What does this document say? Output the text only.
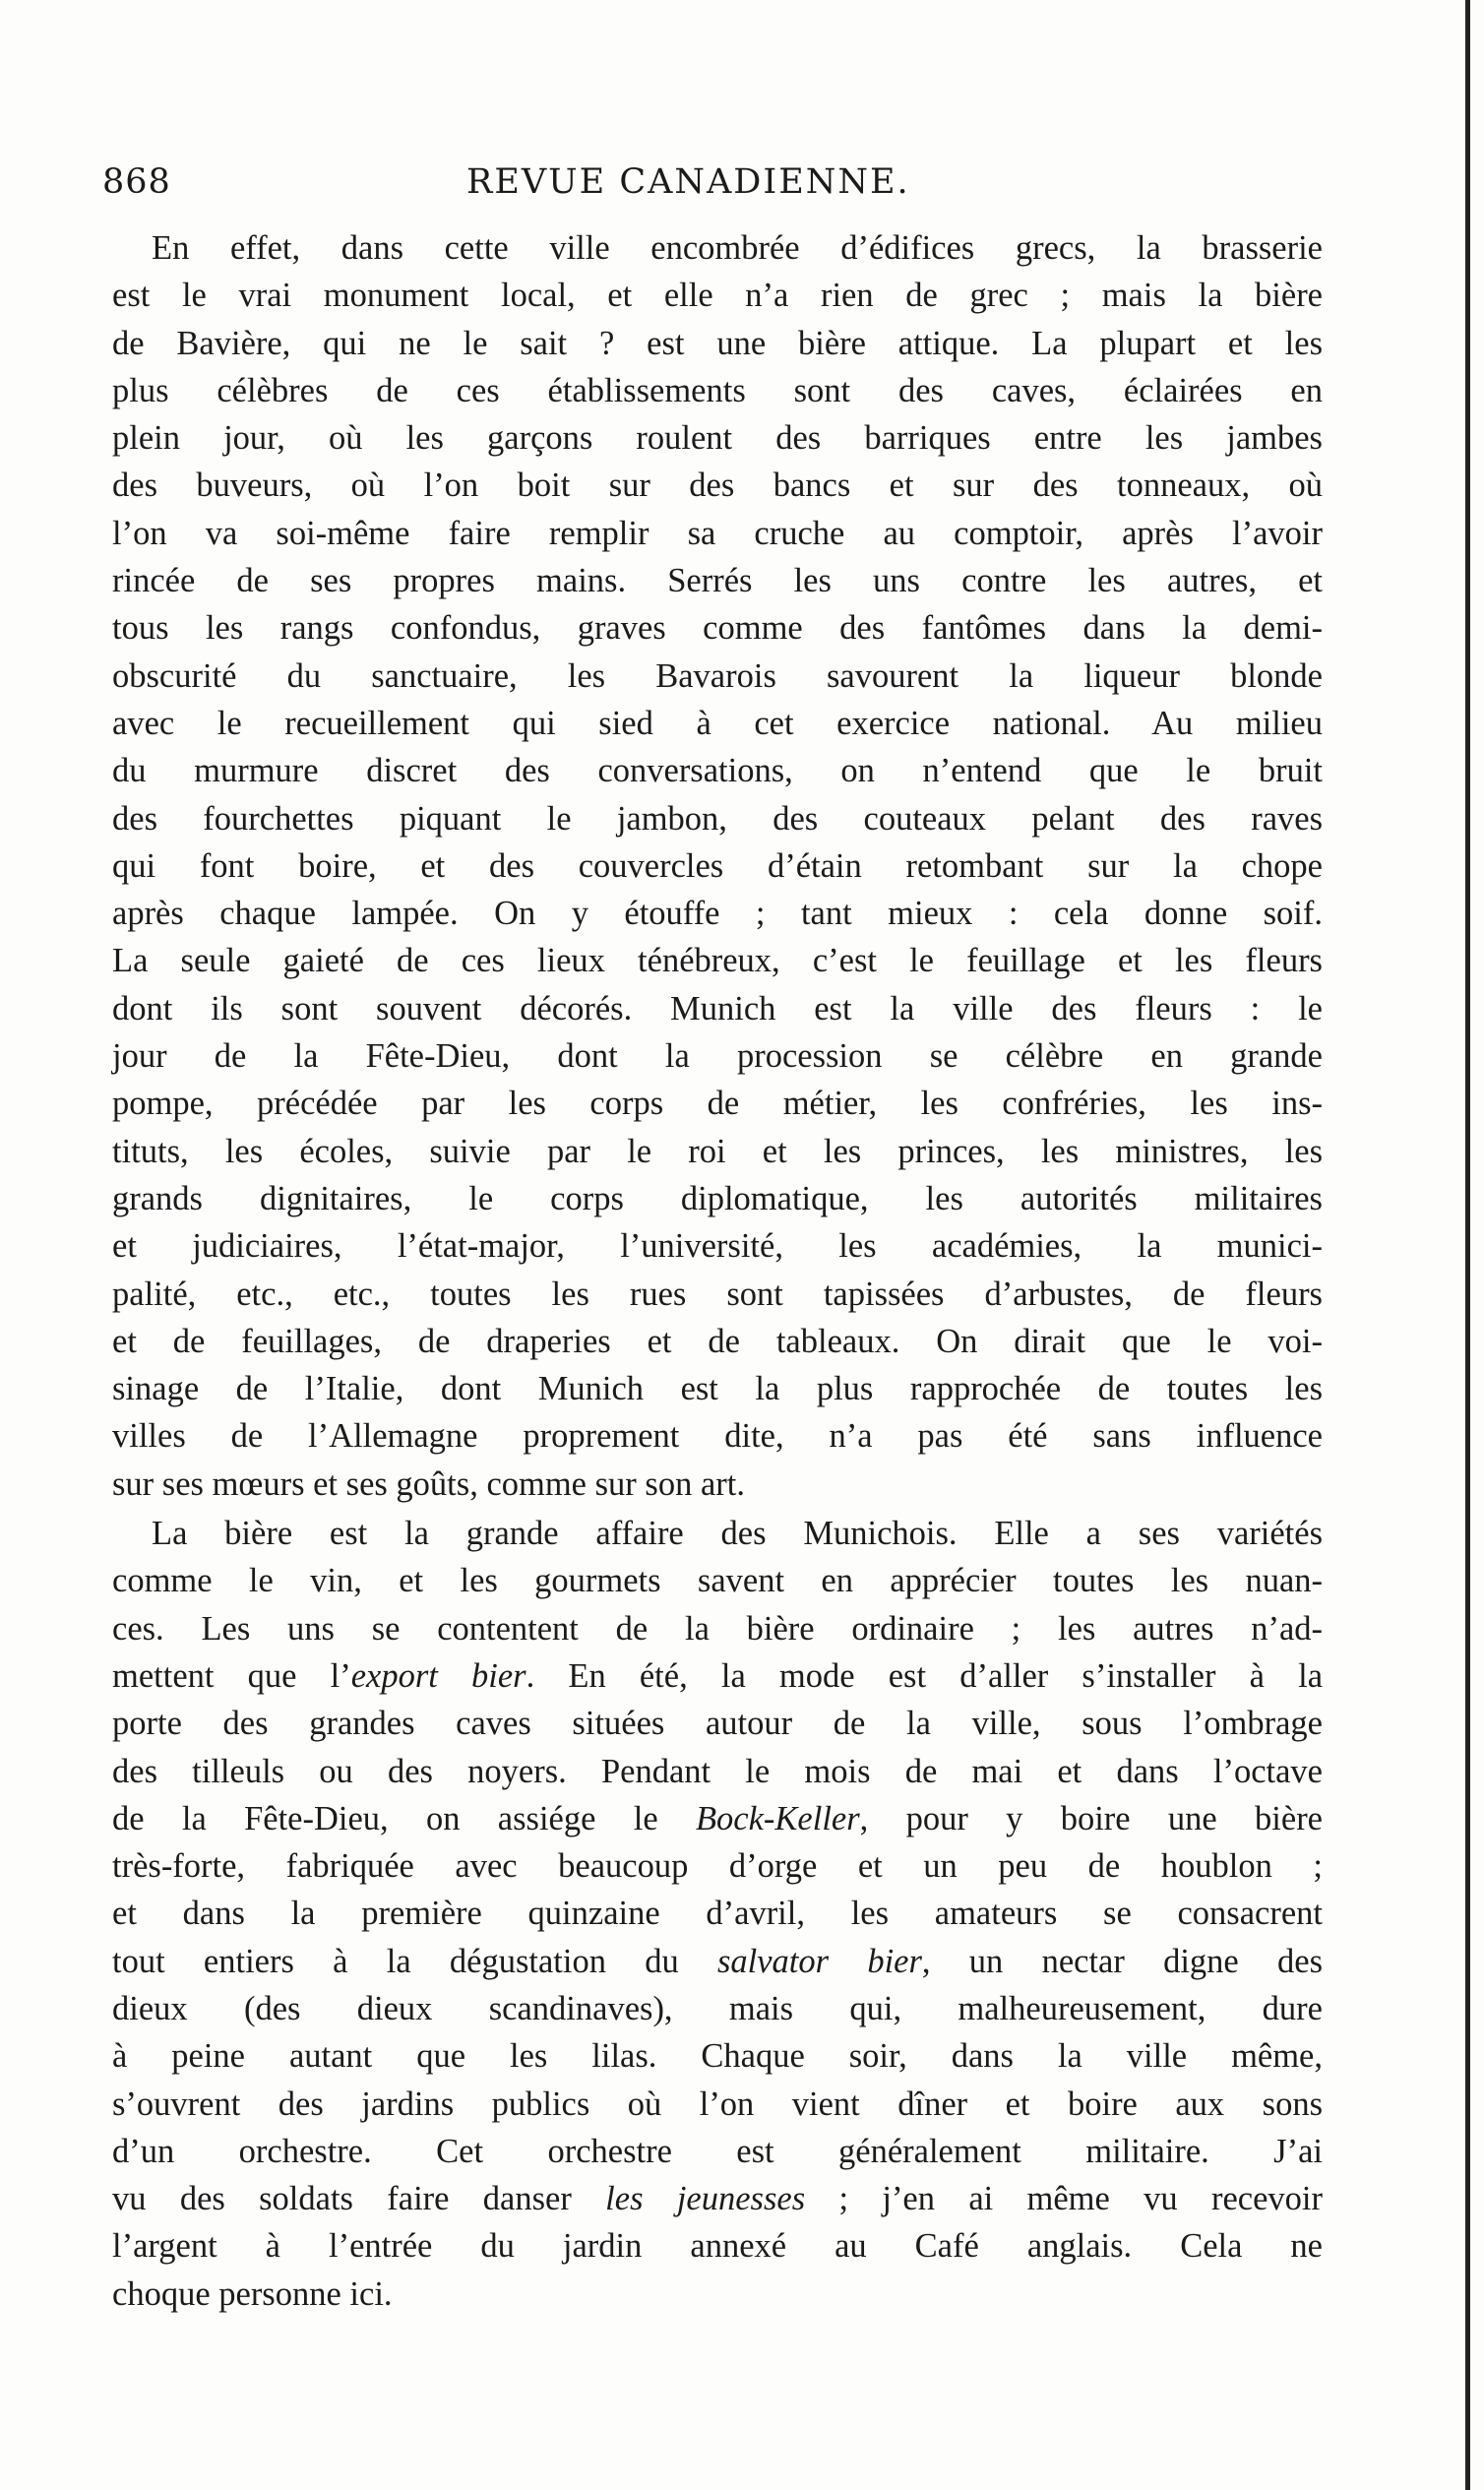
868	REVUE CANADIENNE.

En effet, dans cette ville encombrée d’édifices grecs, la brasserie
est le vrai monument local, et elle n’a rien de grec ; mais la bière
de Bavière, qui ne le sait ? est une bière attique. La plupart et les
plus célèbres de ces établissements sont des caves, éclairées en
plein jour, où les garçons roulent des barriques entre les jambes
des buveurs, où l’on boit sur des bancs et sur des tonneaux, où
l’on va soi-même faire remplir sa cruche au comptoir, après l’avoir
rincée de ses propres mains. Serrés les uns contre les autres, et
tous les rangs confondus, graves comme des fantômes dans la demi-
obscurité du sanctuaire, les Bavarois savourent la liqueur blonde
avec le recueillement qui sied à cet exercice national. Au milieu
du murmure discret des conversations, on n’entend que le bruit
des fourchettes piquant le jambon, des couteaux pelant des raves
qui font boire, et des couvercles d’étain retombant sur la chope
après chaque lampée. On y étouffe ; tant mieux : cela donne soif.
La seule gaieté de ces lieux ténébreux, c’est le feuillage et les fleurs
dont ils sont souvent décorés. Munich est la ville des fleurs : le
jour de la Fête-Dieu, dont la procession se célèbre en grande
pompe, précédée par les corps de métier, les confréries, les ins-
tituts, les écoles, suivie par le roi et les princes, les ministres, les
grands dignitaires, le corps diplomatique, les autorités militaires
et judiciaires, l’état-major, l’université, les académies, la munici-
palité, etc., etc., toutes les rues sont tapissées d’arbustes, de fleurs
et de feuillages, de draperies et de tableaux. On dirait que le voi-
sinage de l’Italie, dont Munich est la plus rapprochée de toutes les
villes de l’Allemagne proprement dite, n’a pas été sans influence
sur ses mœurs et ses goûts, comme sur son art.

La bière est la grande affaire des Munichois. Elle a ses variétés
comme le vin, et les gourmets savent en apprécier toutes les nuan-
ces. Les uns se contentent de la bière ordinaire ; les autres n’ad-
mettent que l’export bier. En été, la mode est d’aller s’installer à la
porte des grandes caves situées autour de la ville, sous l’ombrage
des tilleuls ou des noyers. Pendant le mois de mai et dans l’octave
de la Fête-Dieu, on assiége le Bock-Keller, pour y boire une bière
très-forte, fabriquée avec beaucoup d’orge et un peu de houblon ;
et dans la première quinzaine d’avril, les amateurs se consacrent
tout entiers à la dégustation du salvator bier, un nectar digne des
dieux (des dieux scandinaves), mais qui, malheureusement, dure
à peine autant que les lilas. Chaque soir, dans la ville même,
s’ouvrent des jardins publics où l’on vient dîner et boire aux sons
d’un orchestre. Cet orchestre est généralement militaire. J’ai
vu des soldats faire danser les jeunesses ; j’en ai même vu recevoir
l’argent à l’entrée du jardin annexé au Café anglais. Cela ne
choque personne ici.
